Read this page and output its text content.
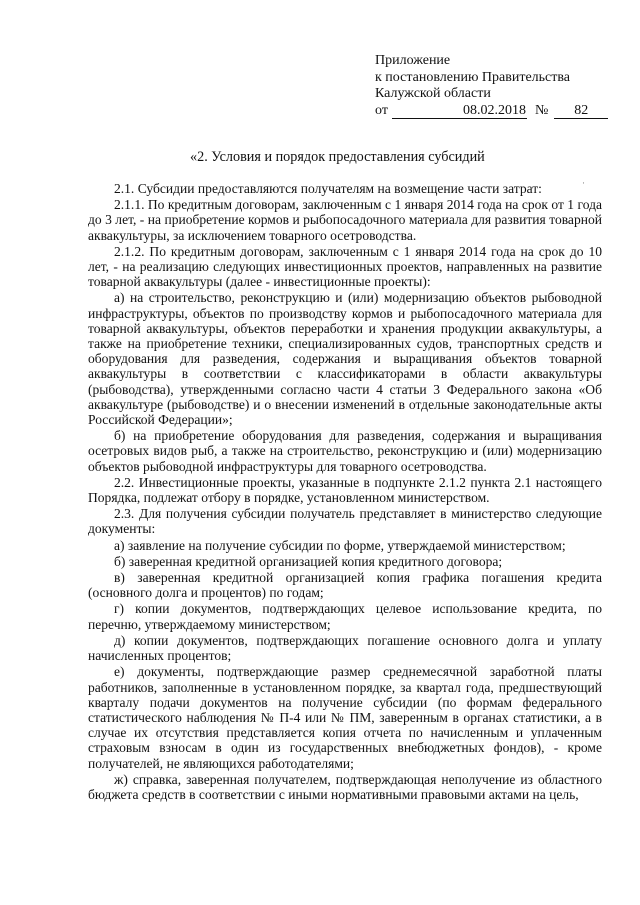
Приложение
к постановлению Правительства
Калужской области
от	08.02.2018 № 82
«2. Условия и порядок предоставления субсидий
·

2.1. Субсидии предоставляются получателям на возмещение части затрат:

2.1.1. По кредитным договорам, заключенным с 1 января 2014 года на срок от 1 года до 3 лет, - на приобретение кормов и рыбопосадочного материала для развития товарной аквакультуры, за исключением товарного осетроводства.

2.1.2. По кредитным договорам, заключенным с 1 января 2014 года на срок до 10 лет, - на реализацию следующих инвестиционных проектов, направленных на развитие товарной аквакультуры (далее - инвестиционные проекты):

а) на строительство, реконструкцию и (или) модернизацию объектов рыбоводной инфраструктуры, объектов по производству кормов и рыбопосадочного материала для товарной аквакультуры, объектов переработки и хранения продукции аквакультуры, а также на приобретение техники, специализированных судов, транспортных средств и оборудования для разведения, содержания и выращивания объектов товарной аквакультуры в соответствии с классификаторами в области аквакультуры (рыбоводства), утвержденными согласно части 4 статьи 3 Федерального закона «Об аквакультуре (рыбоводстве) и о внесении изменений в отдельные законодательные акты Российской Федерации»;

б) на приобретение оборудования для разведения, содержания и выращивания осетровых видов рыб, а также на строительство, реконструкцию и (или) модернизацию объектов рыбоводной инфраструктуры для товарного осетроводства.

2.2. Инвестиционные проекты, указанные в подпункте 2.1.2 пункта 2.1 настоящего Порядка, подлежат отбору в порядке, установленном министерством.

2.3. Для получения субсидии получатель представляет в министерство следующие документы:

а) заявление на получение субсидии по форме, утверждаемой министерством;

б) заверенная кредитной организацией копия кредитного договора;

в) заверенная кредитной организацией копия графика погашения кредита (основного долга и процентов) по годам;

г) копии документов, подтверждающих целевое использование кредита, по перечню, утверждаемому министерством;

д) копии документов, подтверждающих погашение основного долга и уплату начисленных процентов;

е) документы, подтверждающие размер среднемесячной заработной платы работников, заполненные в установленном порядке, за квартал года, предшествующий кварталу подачи документов на получение субсидии (по формам федерального статистического наблюдения № П-4 или № ПМ, заверенным в органах статистики, а в случае их отсутствия представляется копия отчета по начисленным и уплаченным страховым взносам в один из государственных внебюджетных фондов), - кроме получателей, не являющихся работодателями;

ж) справка, заверенная получателем, подтверждающая неполучение из областного бюджета средств в соответствии с иными нормативными правовыми актами на цель,
